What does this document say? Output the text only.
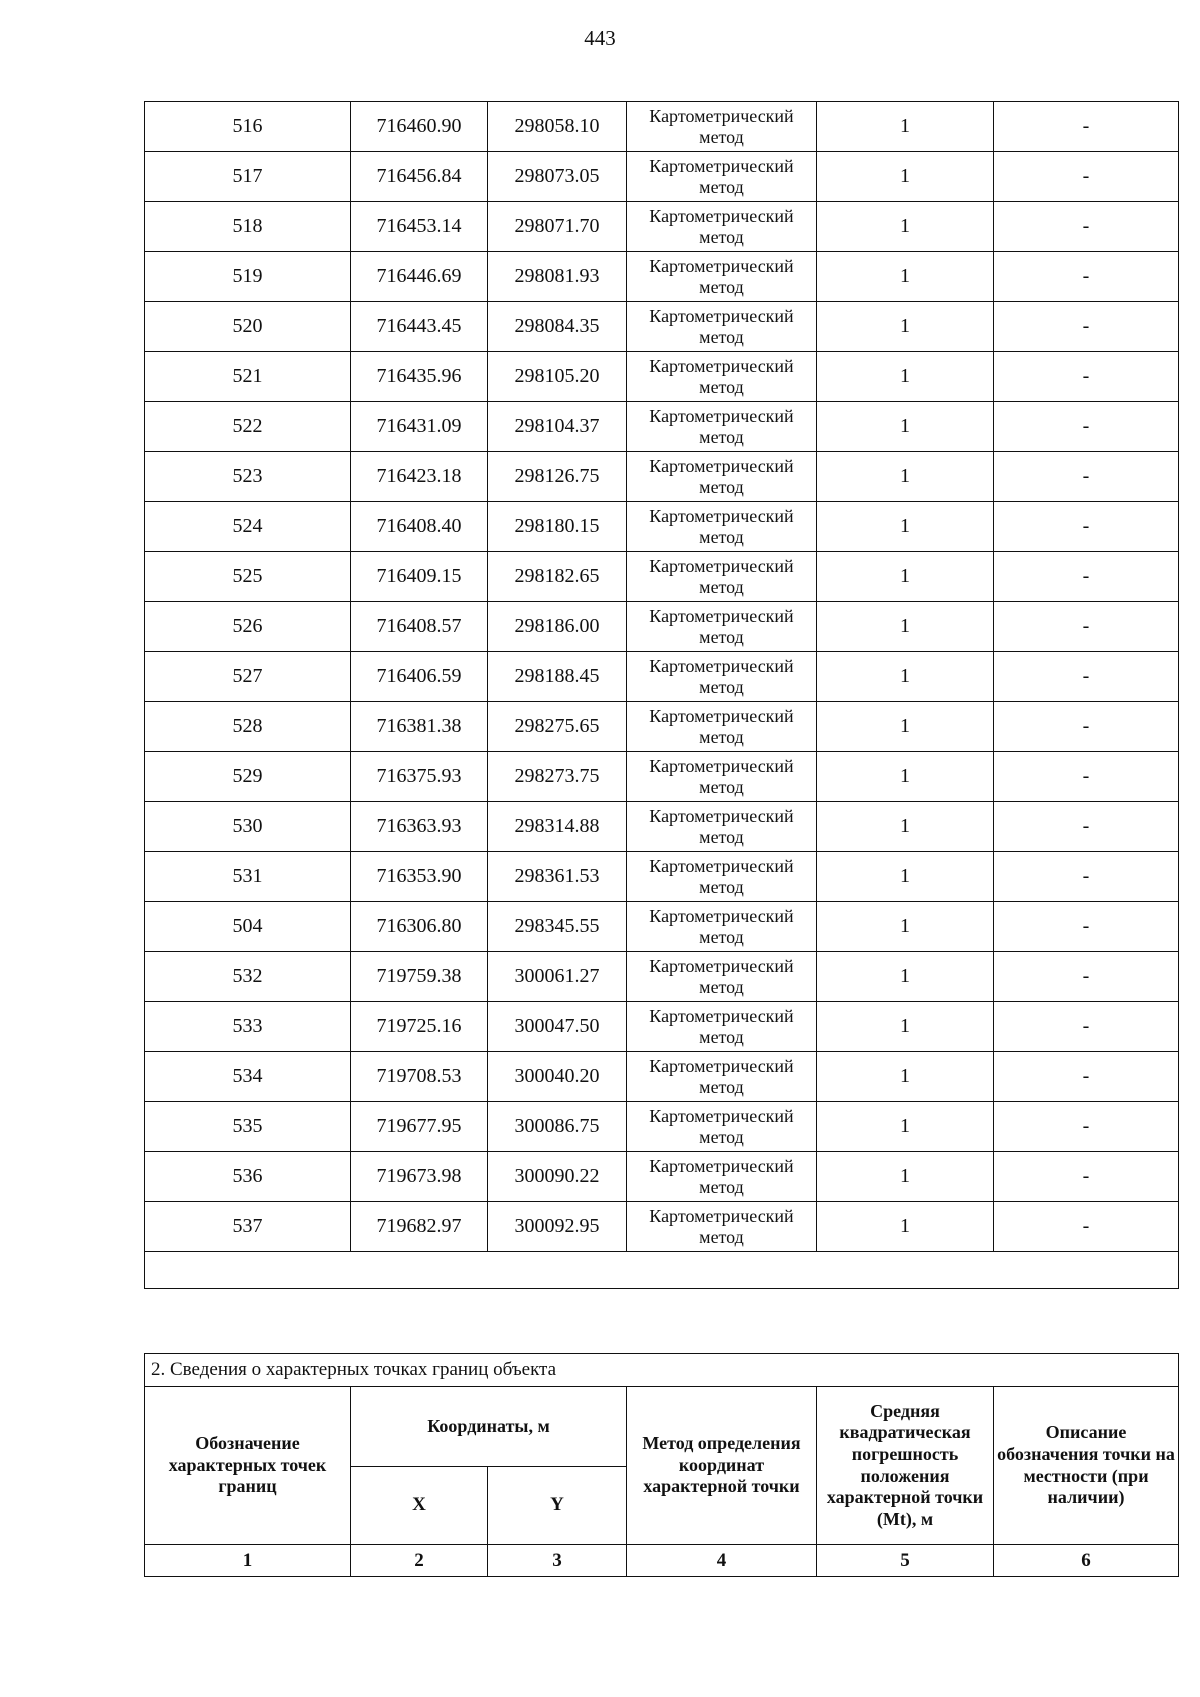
443
516	716460.90	298058.10	Картометрический метод	1	-
517	716456.84	298073.05	Картометрический метод	1	-
518	716453.14	298071.70	Картометрический метод	1	-
519	716446.69	298081.93	Картометрический метод	1	-
520	716443.45	298084.35	Картометрический метод	1	-
521	716435.96	298105.20	Картометрический метод	1	-
522	716431.09	298104.37	Картометрический метод	1	-
523	716423.18	298126.75	Картометрический метод	1	-
524	716408.40	298180.15	Картометрический метод	1	-
525	716409.15	298182.65	Картометрический метод	1	-
526	716408.57	298186.00	Картометрический метод	1	-
527	716406.59	298188.45	Картометрический метод	1	-
528	716381.38	298275.65	Картометрический метод	1	-
529	716375.93	298273.75	Картометрический метод	1	-
530	716363.93	298314.88	Картометрический метод	1	-
531	716353.90	298361.53	Картометрический метод	1	-
504	716306.80	298345.55	Картометрический метод	1	-
532	719759.38	300061.27	Картометрический метод	1	-
533	719725.16	300047.50	Картометрический метод	1	-
534	719708.53	300040.20	Картометрический метод	1	-
535	719677.95	300086.75	Картометрический метод	1	-
536	719673.98	300090.22	Картометрический метод	1	-
537	719682.97	300092.95	Картометрический метод	1	-

2. Сведения о характерных точках границ объекта					
Обозначение характерных точек границ	Координаты, м		Метод определения координат характерной точки	Средняя квадратическая погрешность положения характерной точки (Mt), м	Описание обозначения точки на местности (при наличии)
	X	Y			
1	2	3	4	5	6
